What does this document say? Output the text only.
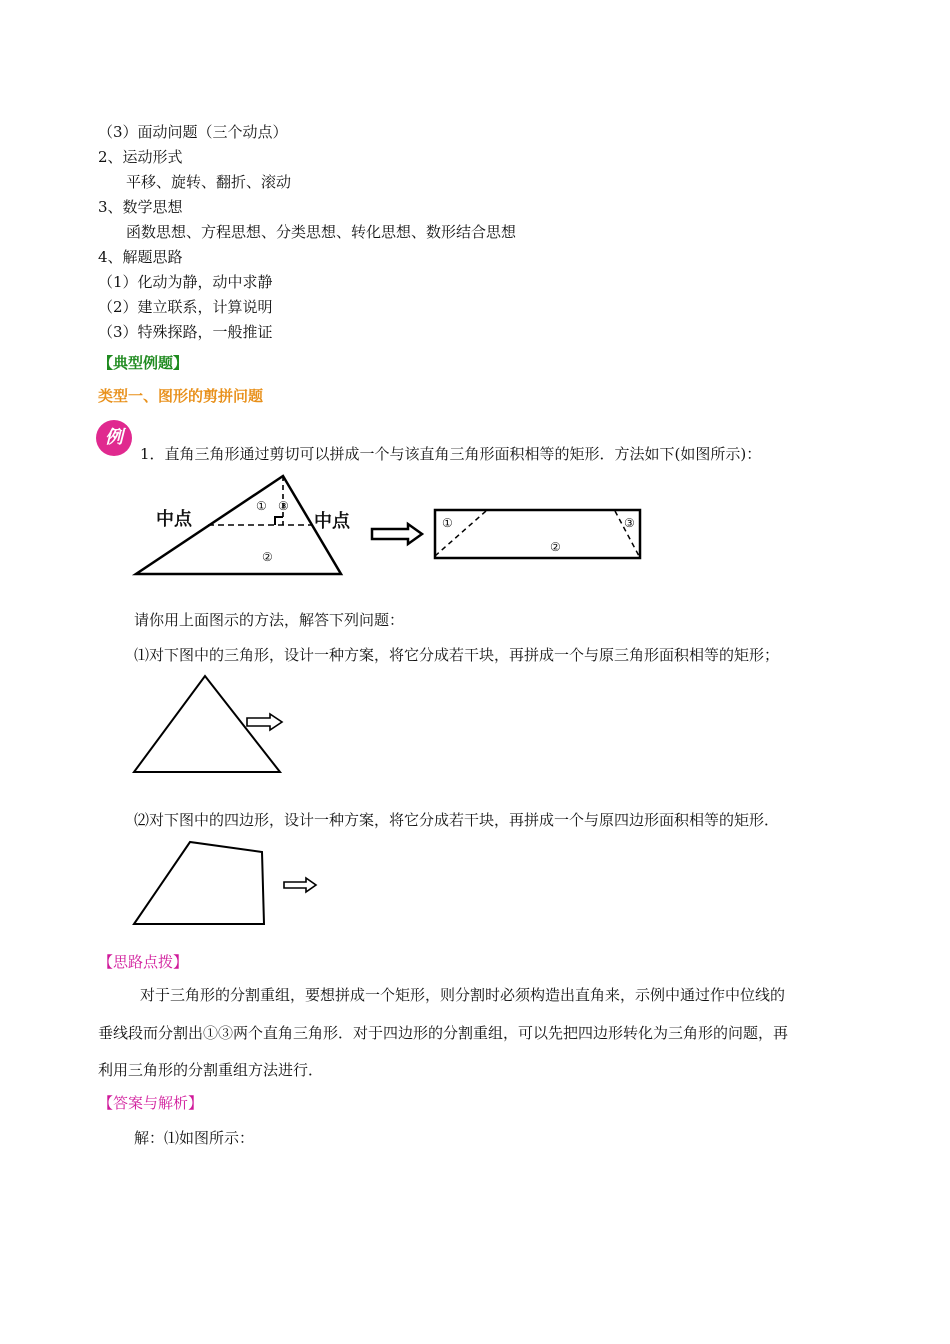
（3）面动问题（三个动点）
2、运动形式
平移、旋转、翻折、滚动
3、数学思想
函数思想、方程思想、分类思想、转化思想、数形结合思想
4、解题思路
（1）化动为静，动中求静
（2）建立联系，计算说明
（3）特殊探路，一般推证
【典型例题】
类型一、图形的剪拼问题
例
1．直角三角形通过剪切可以拼成一个与该直角三角形面积相等的矩形．方法如下(如图所示)：
中点	中点
① ③
②
①
②
③
请你用上面图示的方法，解答下列问题：
⑴对下图中的三角形，设计一种方案，将它分成若干块，再拼成一个与原三角形面积相等的矩形；
⑵对下图中的四边形，设计一种方案，将它分成若干块，再拼成一个与原四边形面积相等的矩形．
【思路点拨】
对于三角形的分割重组，要想拼成一个矩形，则分割时必须构造出直角来，示例中通过作中位线的
垂线段而分割出①③两个直角三角形．对于四边形的分割重组，可以先把四边形转化为三角形的问题，再
利用三角形的分割重组方法进行．
【答案与解析】
解：⑴如图所示：
